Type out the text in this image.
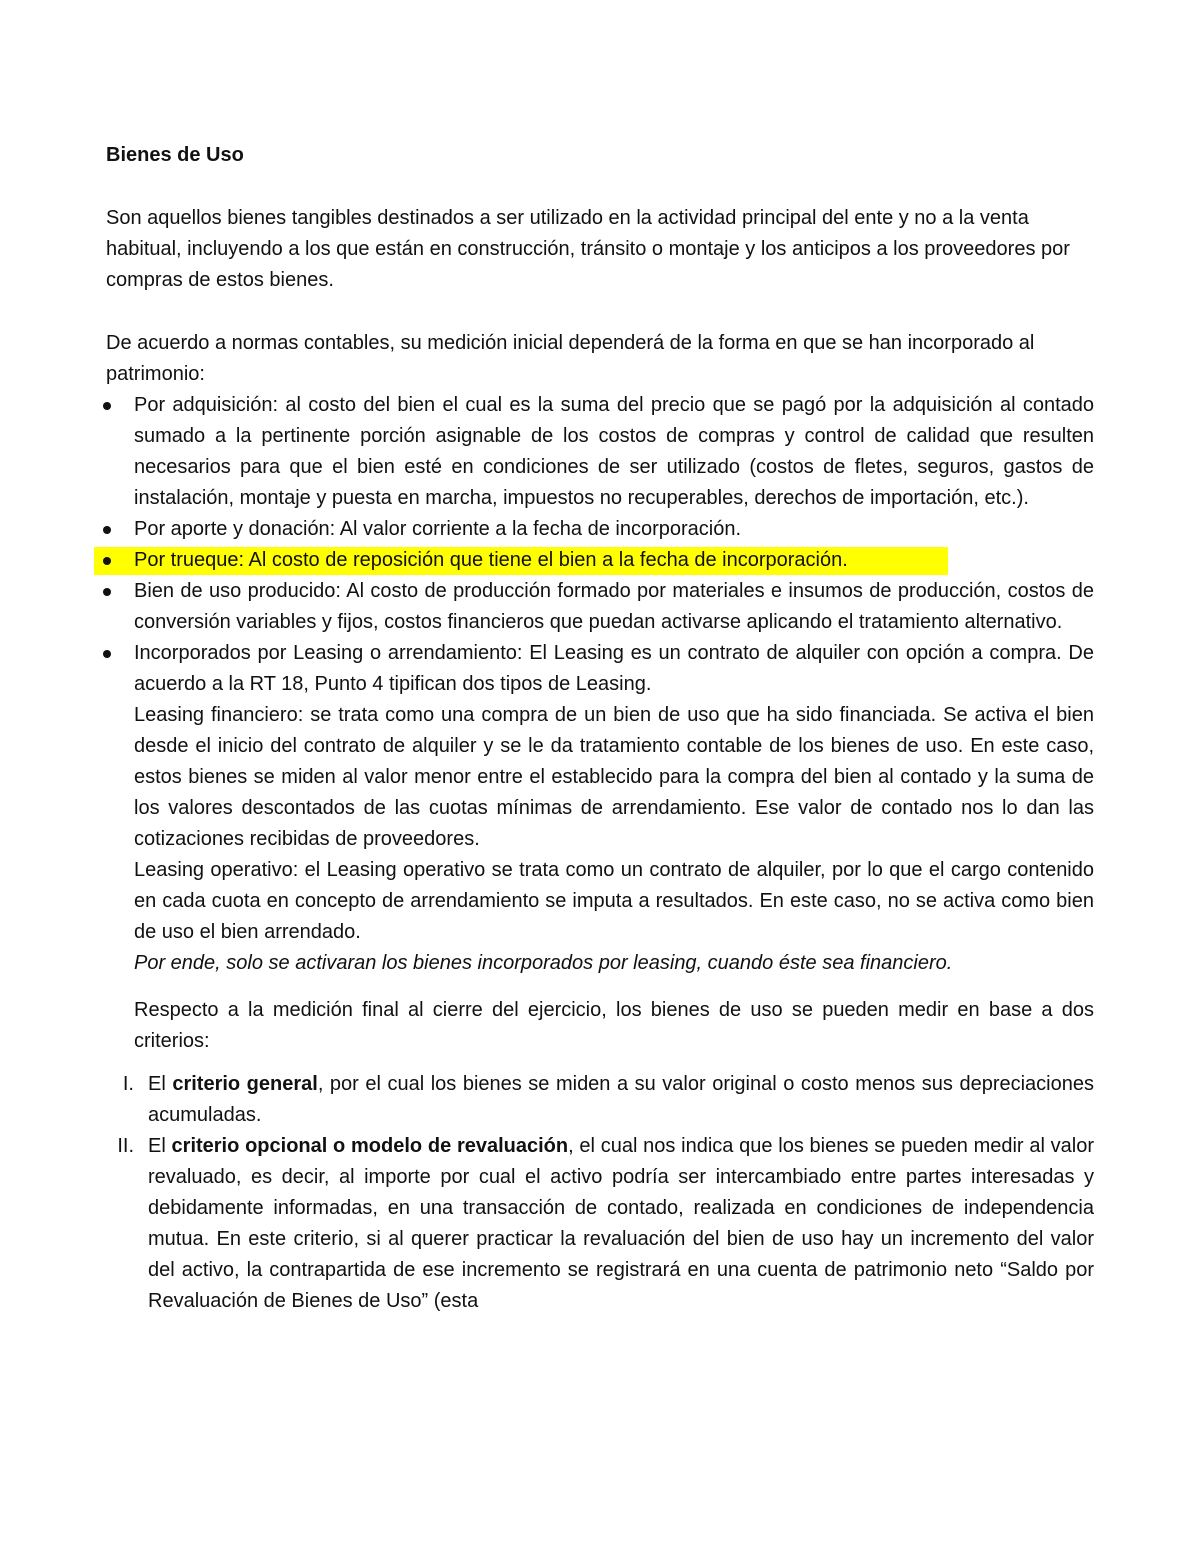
Bienes de Uso

Son aquellos bienes tangibles destinados a ser utilizado en la actividad principal del ente y no a la venta habitual, incluyendo a los que están en construcción, tránsito o montaje y los anticipos a los proveedores por compras de estos bienes.

De acuerdo a normas contables, su medición inicial dependerá de la forma en que se han incorporado al patrimonio:

Por adquisición: al costo del bien el cual es la suma del precio que se pagó por la adquisición al contado sumado a la pertinente porción asignable de los costos de compras y control de calidad que resulten necesarios para que el bien esté en condiciones de ser utilizado (costos de fletes, seguros, gastos de instalación, montaje y puesta en marcha, impuestos no recuperables, derechos de importación, etc.).
Por aporte y donación: Al valor corriente a la fecha de incorporación.
Por trueque: Al costo de reposición que tiene el bien a la fecha de incorporación.
Bien de uso producido: Al costo de producción formado por materiales e insumos de producción, costos de conversión variables y fijos, costos financieros que puedan activarse aplicando el tratamiento alternativo.
Incorporados por Leasing o arrendamiento: El Leasing es un contrato de alquiler con opción a compra. De acuerdo a la RT 18, Punto 4 tipifican dos tipos de Leasing.

Leasing financiero: se trata como una compra de un bien de uso que ha sido financiada. Se activa el bien desde el inicio del contrato de alquiler y se le da tratamiento contable de los bienes de uso. En este caso, estos bienes se miden al valor menor entre el establecido para la compra del bien al contado y la suma de los valores descontados de las cuotas mínimas de arrendamiento. Ese valor de contado nos lo dan las cotizaciones recibidas de proveedores.

Leasing operativo: el Leasing operativo se trata como un contrato de alquiler, por lo que el cargo contenido en cada cuota en concepto de arrendamiento se imputa a resultados. En este caso, no se activa como bien de uso el bien arrendado.

Por ende, solo se activaran los bienes incorporados por leasing, cuando éste sea financiero.

Respecto a la medición final al cierre del ejercicio, los bienes de uso se pueden medir en base a dos criterios:

I. El criterio general, por el cual los bienes se miden a su valor original o costo menos sus depreciaciones acumuladas.
II. El criterio opcional o modelo de revaluación, el cual nos indica que los bienes se pueden medir al valor revaluado, es decir, al importe por cual el activo podría ser intercambiado entre partes interesadas y debidamente informadas, en una transacción de contado, realizada en condiciones de independencia mutua. En este criterio, si al querer practicar la revaluación del bien de uso hay un incremento del valor del activo, la contrapartida de ese incremento se registrará en una cuenta de patrimonio neto “Saldo por Revaluación de Bienes de Uso” (esta
